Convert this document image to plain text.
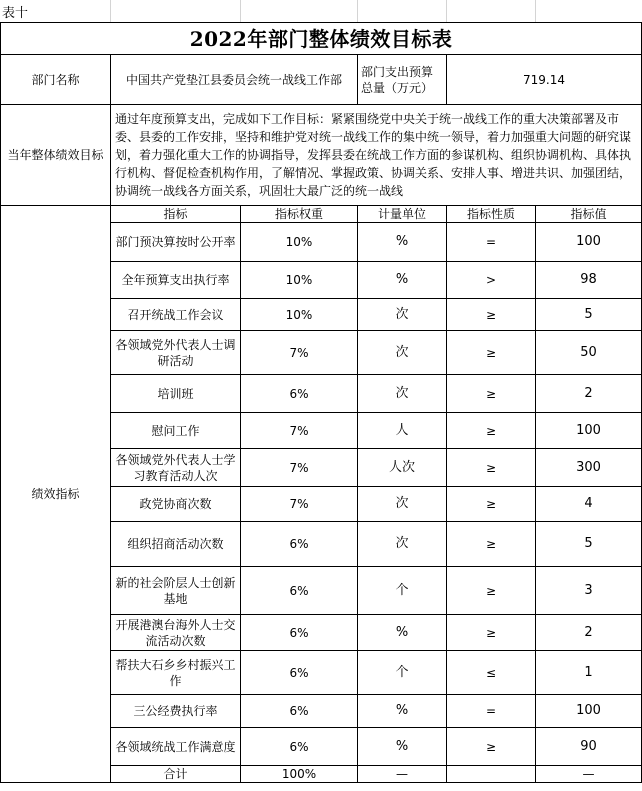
表十
2022年部门整体绩效目标表					
部门名称	中国共产党垫江县委员会统一战线工作部		部门支出预算总量（万元）	719.14	
当年整体绩效目标	通过年度预算支出，完成如下工作目标：紧紧围绕党中央关于统一战线工作的重大决策部署及市委、县委的工作安排，坚持和维护党对统一战线工作的集中统一领导，着力加强重大问题的研究谋划，着力强化重大工作的协调指导，发挥县委在统战工作方面的参谋机构、组织协调机构、具体执行机构、督促检查机构作用，了解情况、掌握政策、协调关系、安排人事、增进共识、加强团结，协调统一战线各方面关系，巩固壮大最广泛的统一战线				
绩效指标	指标	指标权重	计量单位	指标性质	指标值
	部门预决算按时公开率	10%	%	=	100
	全年预算支出执行率	10%	%	>	98
	召开统战工作会议	10%	次	≥	5
	各领域党外代表人士调研活动	7%	次	≥	50
	培训班	6%	次	≥	2
	慰问工作	7%	人	≥	100
	各领域党外代表人士学习教育活动人次	7%	人次	≥	300
	政党协商次数	7%	次	≥	4
	组织招商活动次数	6%	次	≥	5
	新的社会阶层人士创新基地	6%	个	≥	3
	开展港澳台海外人士交流活动次数	6%	%	≥	2
	帮扶大石乡乡村振兴工作	6%	个	≤	1
	三公经费执行率	6%	%	=	100
	各领域统战工作满意度	6%	%	≥	90
	合计	100%	—		—
